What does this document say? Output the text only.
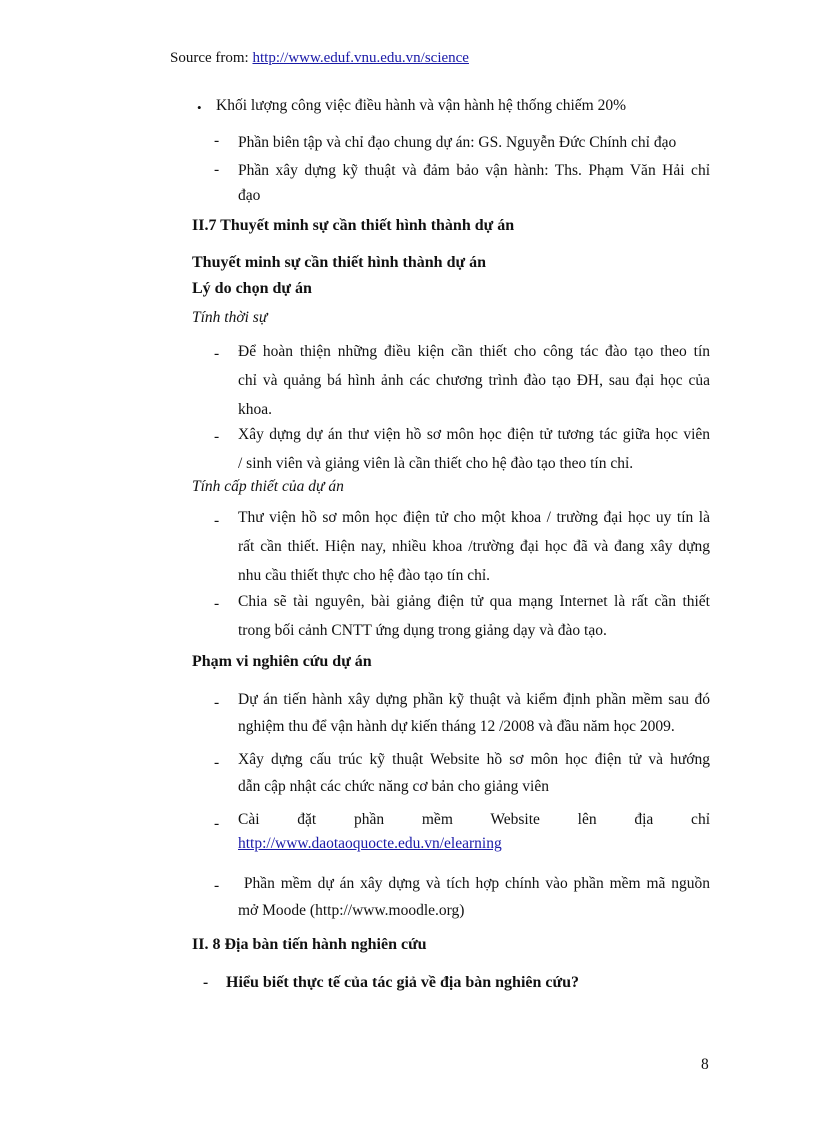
Source from: http://www.eduf.vnu.edu.vn/science
• Khối lượng công việc điều hành và vận hành hệ thống chiếm 20%
- Phần biên tập và chỉ đạo chung dự án: GS. Nguyễn Đức Chính chỉ đạo
- Phần xây dựng kỹ thuật và đảm bảo vận hành: Ths. Phạm Văn Hải chỉ
đạo
II.7 Thuyết minh sự cần thiết hình thành dự án
Thuyết minh sự cần thiết hình thành dự án
Lý do chọn dự án
Tính thời sự
- Để hoàn thiện những điều kiện cần thiết cho công tác đào tạo theo tín
chỉ và quảng bá hình ảnh các chương trình đào tạo ĐH, sau đại học của
khoa.
- Xây dựng dự án thư viện hồ sơ môn học điện tử tương tác giữa học viên
/ sinh viên và giảng viên là cần thiết cho hệ đào tạo theo tín chỉ.
Tính cấp thiết của dự án
- Thư viện hồ sơ môn học điện tử cho một khoa / trường đại học uy tín là
rất cần thiết. Hiện nay, nhiều khoa /trường đại học đã và đang xây dựng
nhu cầu thiết thực cho hệ đào tạo tín chỉ.
- Chia sẽ tài nguyên, bài giảng điện tử qua mạng Internet là rất cần thiết
trong bối cảnh CNTT ứng dụng trong giảng dạy và đào tạo.
Phạm vi nghiên cứu dự án
- Dự án tiến hành xây dựng phần kỹ thuật và kiểm định phần mềm sau đó
nghiệm thu để vận hành dự kiến tháng 12 /2008 và đầu năm học 2009.
- Xây dựng cấu trúc kỹ thuật Website hồ sơ môn học điện tử và hướng
dẫn cập nhật các chức năng cơ bản cho giảng viên
- Cài   đặt   phần   mềm   Website   lên   địa   chỉ
http://www.daotaoquocte.edu.vn/elearning
- Phần mềm dự án xây dựng và tích hợp chính vào phần mềm mã nguồn
mở Moode (http://www.moodle.org)
II. 8 Địa bàn tiến hành nghiên cứu
- Hiểu biết thực tế của tác giả về địa bàn nghiên cứu?
8
